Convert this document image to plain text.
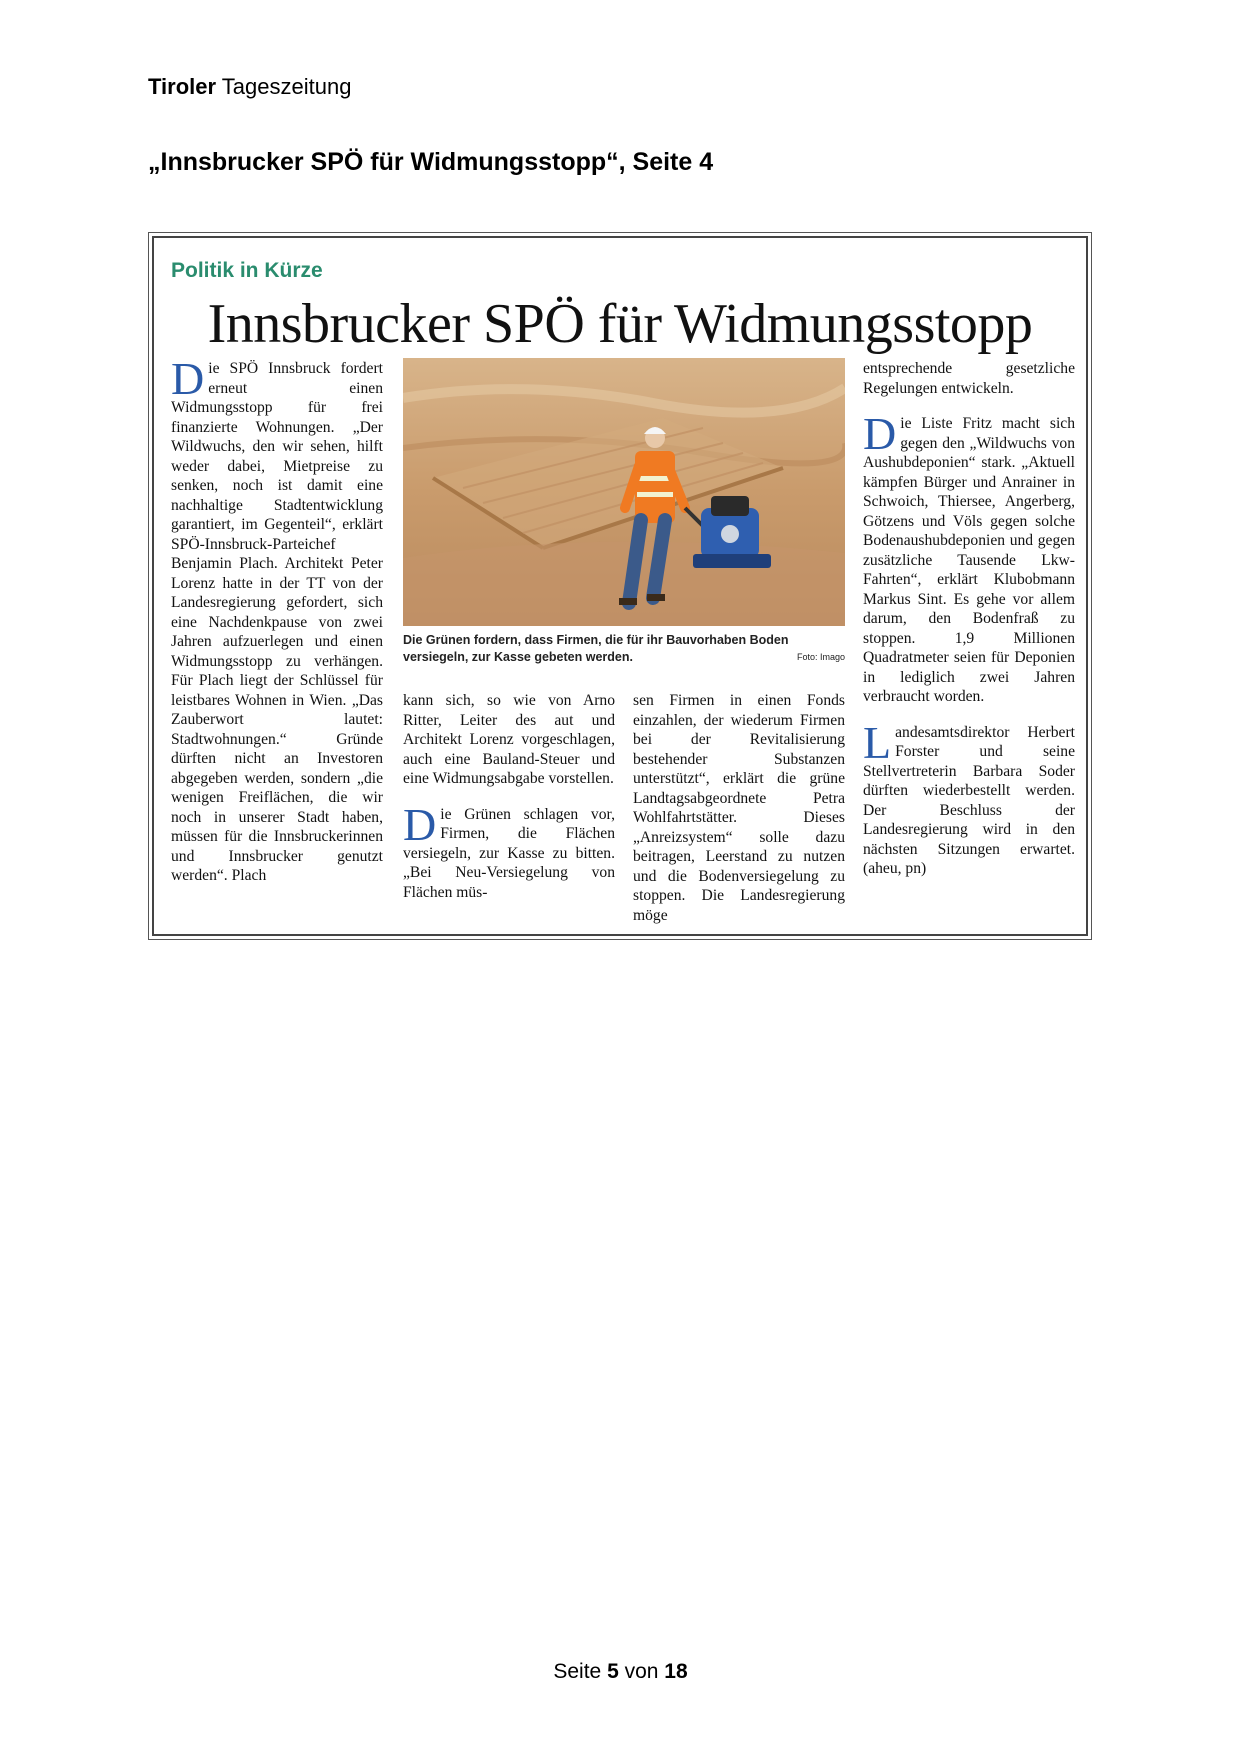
Tiroler Tageszeitung
„Innsbrucker SPÖ für Widmungsstopp“, Seite 4
Politik in Kürze
Innsbrucker SPÖ für Widmungsstopp

Die SPÖ Innsbruck fordert erneut einen Widmungsstopp für frei finanzierte Wohnungen. „Der Wildwuchs, den wir sehen, hilft weder dabei, Mietpreise zu senken, noch ist damit eine nachhaltige Stadtentwicklung garantiert, im Gegenteil“, erklärt SPÖ-Innsbruck-Parteichef Benjamin Plach. Architekt Peter Lorenz hatte in der TT von der Landesregierung gefordert, sich eine Nachdenkpause von zwei Jahren aufzuerlegen und einen Widmungsstopp zu verhängen. Für Plach liegt der Schlüssel für leistbares Wohnen in Wien. „Das Zauberwort lautet: Stadtwohnungen.“ Gründe dürften nicht an Investoren abgegeben werden, sondern „die wenigen Freiflächen, die wir noch in unserer Stadt haben, müssen für die Innsbruckerinnen und Innsbrucker genutzt werden“. Plach

Die Grünen fordern, dass Firmen, die für ihr Bauvorhaben Boden versiegeln, zur Kasse gebeten werden.	Foto: Imago

kann sich, so wie von Arno Ritter, Leiter des aut und Architekt Lorenz vorgeschlagen, auch eine Bauland-Steuer und eine Widmungsabgabe vorstellen.

Die Grünen schlagen vor, Firmen, die Flächen versiegeln, zur Kasse zu bitten. „Bei Neu-Versiegelung von Flächen müs-

sen Firmen in einen Fonds einzahlen, der wiederum Firmen bei der Revitalisierung bestehender Substanzen unterstützt“, erklärt die grüne Landtagsabgeordnete Petra Wohlfahrtstätter. Dieses „Anreizsystem“ solle dazu beitragen, Leerstand zu nutzen und die Bodenversiegelung zu stoppen. Die Landesregierung möge

entsprechende gesetzliche Regelungen entwickeln.

Die Liste Fritz macht sich gegen den „Wildwuchs von Aushubdeponien“ stark. „Aktuell kämpfen Bürger und Anrainer in Schwoich, Thiersee, Angerberg, Götzens und Völs gegen solche Bodenaushubdeponien und gegen zusätzliche Tausende Lkw-Fahrten“, erklärt Klubobmann Markus Sint. Es gehe vor allem darum, den Bodenfraß zu stoppen. 1,9 Millionen Quadratmeter seien für Deponien in lediglich zwei Jahren verbraucht worden.

Landesamtsdirektor Herbert Forster und seine Stellvertreterin Barbara Soder dürften wiederbestellt werden. Der Beschluss der Landesregierung wird in den nächsten Sitzungen erwartet. (aheu, pn)

Seite 5 von 18
